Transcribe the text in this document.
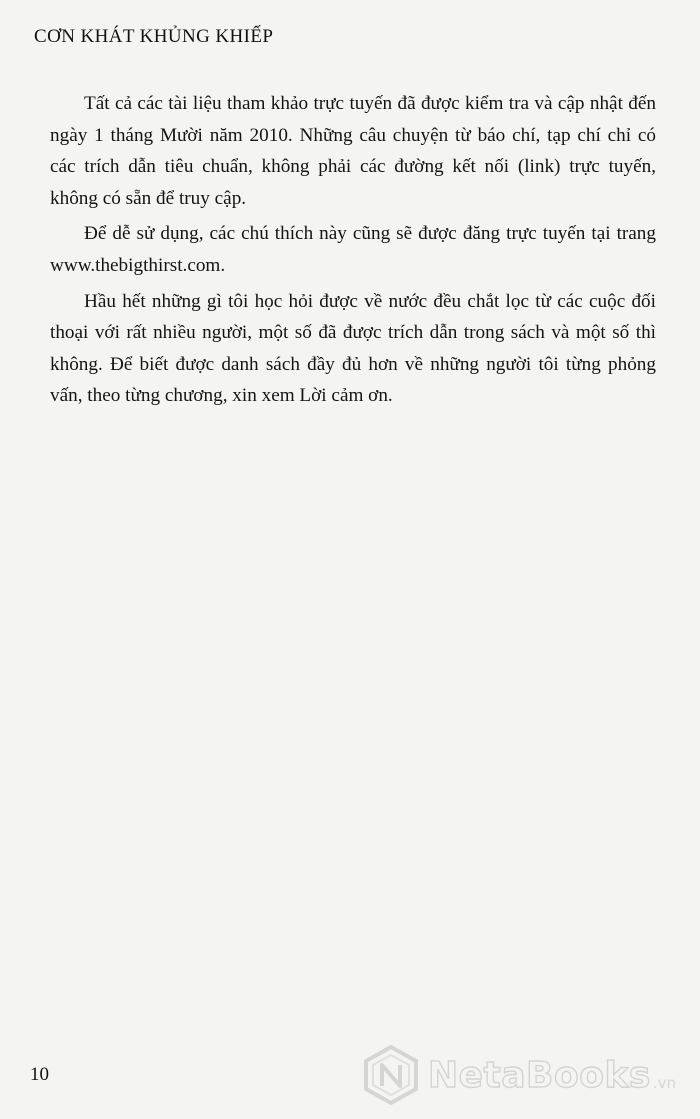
CƠN KHÁT KHỦNG KHIẾP

Tất cả các tài liệu tham khảo trực tuyến đã được kiểm tra và cập nhật đến ngày 1 tháng Mười năm 2010. Những câu chuyện từ báo chí, tạp chí chỉ có các trích dẫn tiêu chuẩn, không phải các đường kết nối (link) trực tuyến, không có sẵn để truy cập.

Để dễ sử dụng, các chú thích này cũng sẽ được đăng trực tuyến tại trang www.thebigthirst.com.

Hầu hết những gì tôi học hỏi được về nước đều chắt lọc từ các cuộc đối thoại với rất nhiều người, một số đã được trích dẫn trong sách và một số thì không. Để biết được danh sách đầy đủ hơn về những người tôi từng phỏng vấn, theo từng chương, xin xem Lời cảm ơn.

10	NetaBooks .vn
